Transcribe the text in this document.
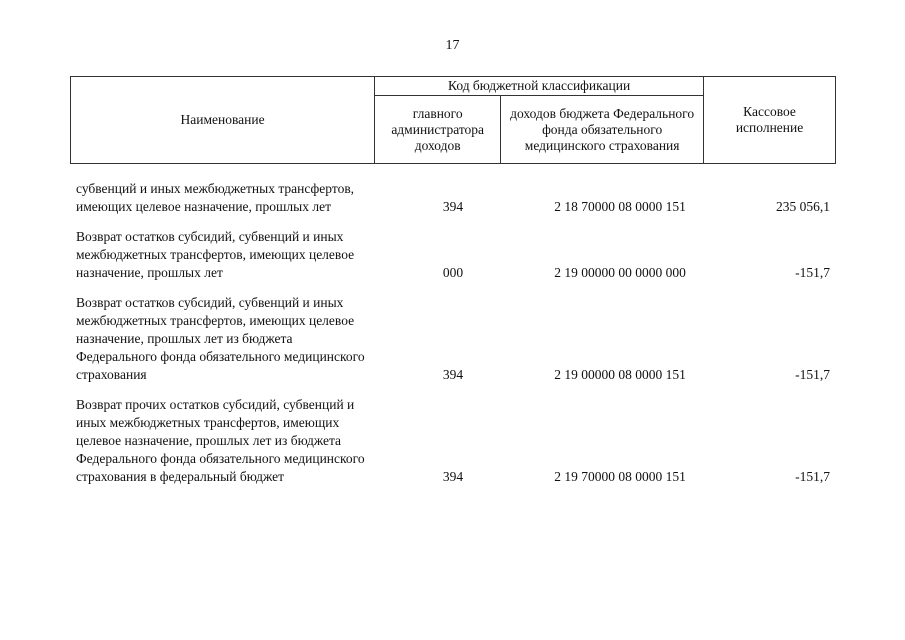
17
Наименование	Код бюджетной классификации		Кассовое исполнение
	главного администратора доходов	доходов бюджета Федерального фонда обязательного медицинского страхования	
субвенций и иных межбюджетных трансфертов, имеющих целевое назначение, прошлых лет	394	2 18 70000 08 0000 151	235 056,1
Возврат остатков субсидий, субвенций и иных межбюджетных трансфертов, имеющих целевое назначение, прошлых лет	000	2 19 00000 00 0000 000	-151,7
Возврат остатков субсидий, субвенций и иных межбюджетных трансфертов, имеющих целевое назначение, прошлых лет из бюджета Федерального фонда обязательного медицинского страхования	394	2 19 00000 08 0000 151	-151,7
Возврат прочих остатков субсидий, субвенций и иных межбюджетных трансфертов, имеющих целевое назначение, прошлых лет из бюджета Федерального фонда обязательного медицинского страхования в федеральный бюджет	394	2 19 70000 08 0000 151	-151,7
